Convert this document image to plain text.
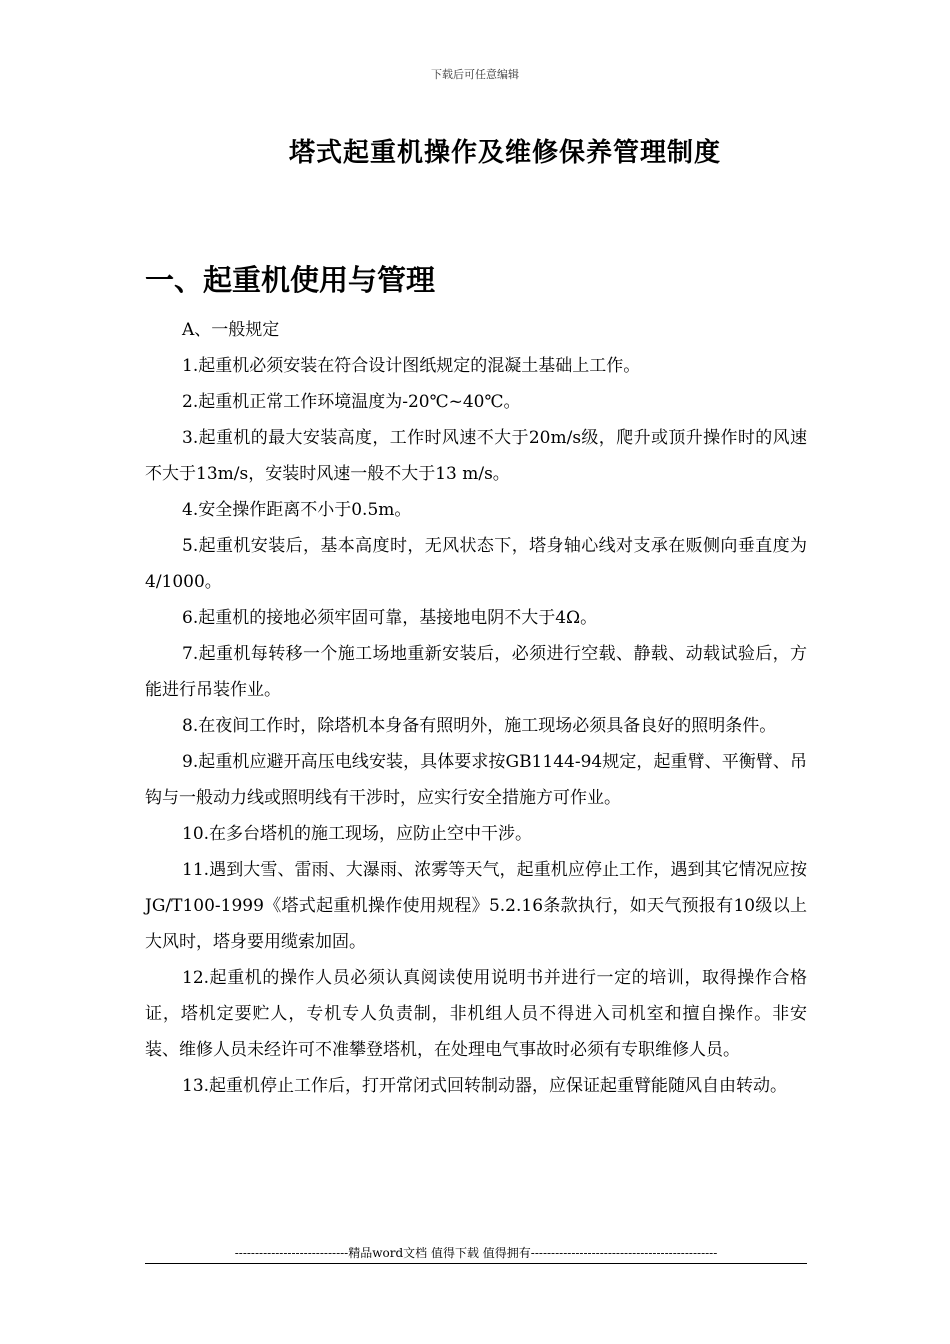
下载后可任意编辑
塔式起重机操作及维修保养管理制度
一、起重机使用与管理

A、一般规定

1.起重机必须安装在符合设计图纸规定的混凝土基础上工作。

2.起重机正常工作环境温度为-20℃~40℃。

3.起重机的最大安装高度，工作时风速不大于20m/s级，爬升或顶升操作时的风速不大于13m/s，安装时风速一般不大于13 m/s。

4.安全操作距离不小于0.5m。

5.起重机安装后，基本高度时，无风状态下，塔身轴心线对支承在贩侧向垂直度为4/1000。

6.起重机的接地必须牢固可靠，基接地电阴不大于4Ω。

7.起重机每转移一个施工场地重新安装后，必须进行空载、静载、动载试验后，方能进行吊装作业。

8.在夜间工作时，除塔机本身备有照明外，施工现场必须具备良好的照明条件。

9.起重机应避开高压电线安装，具体要求按GB1144-94规定，起重臂、平衡臂、吊钩与一般动力线或照明线有干涉时，应实行安全措施方可作业。

10.在多台塔机的施工现场，应防止空中干涉。

11.遇到大雪、雷雨、大瀑雨、浓雾等天气，起重机应停止工作，遇到其它情况应按JG/T100-1999《塔式起重机操作使用规程》5.2.16条款执行，如天气预报有10级以上大风时，塔身要用缆索加固。

12.起重机的操作人员必须认真阅读使用说明书并进行一定的培训，取得操作合格证，塔机定要贮人，专机专人负责制，非机组人员不得进入司机室和擅自操作。非安装、维修人员未经许可不准攀登塔机，在处理电气事故时必须有专职维修人员。

13.起重机停止工作后，打开常闭式回转制动器，应保证起重臂能随风自由转动。

----------------------------精品word文档 值得下载 值得拥有----------------------------------------------
